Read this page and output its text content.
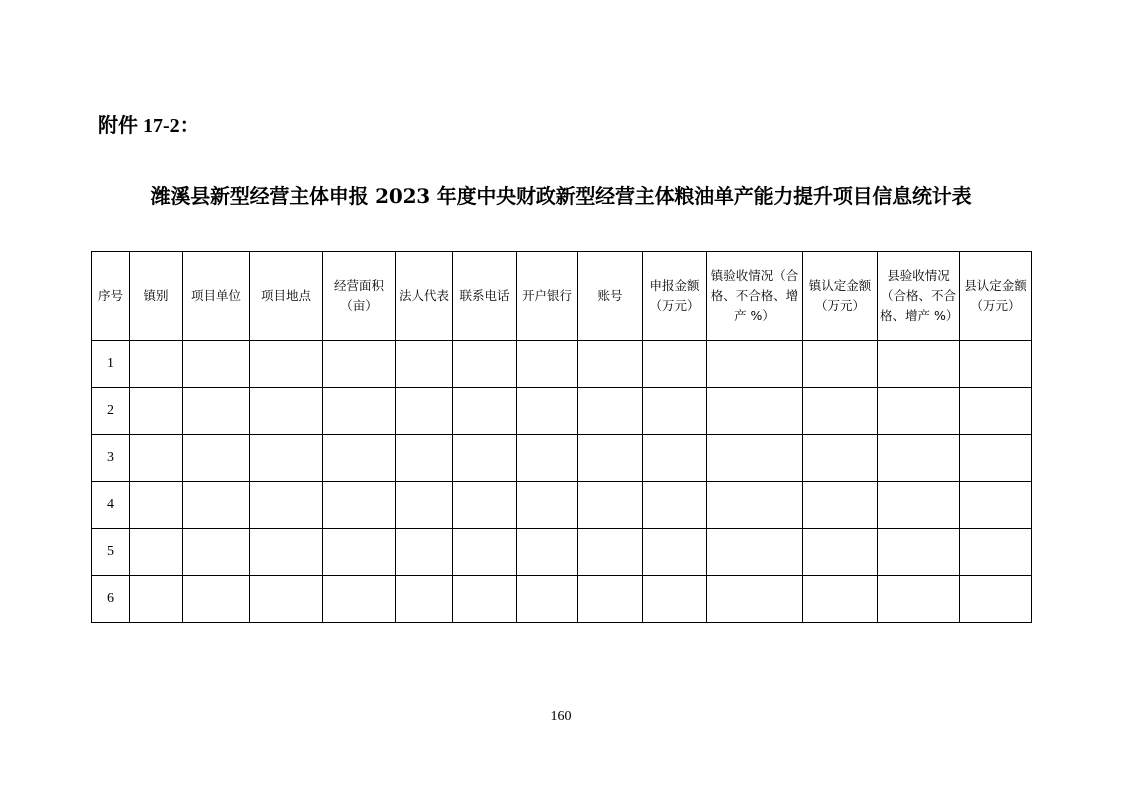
附件 17-2：
潍溪县新型经营主体申报 2023 年度中央财政新型经营主体粮油单产能力提升项目信息统计表
序号	镇别	项目单位	项目地点	经营面积（亩）	法人代表	联系电话	开户银行	账号	申报金额（万元）	镇验收情况（合格、不合格、增产 %）	镇认定金额（万元）	县验收情况（合格、不合格、增产 %）	县认定金额（万元）
1													
2													
3													
4													
5													
6													
160
